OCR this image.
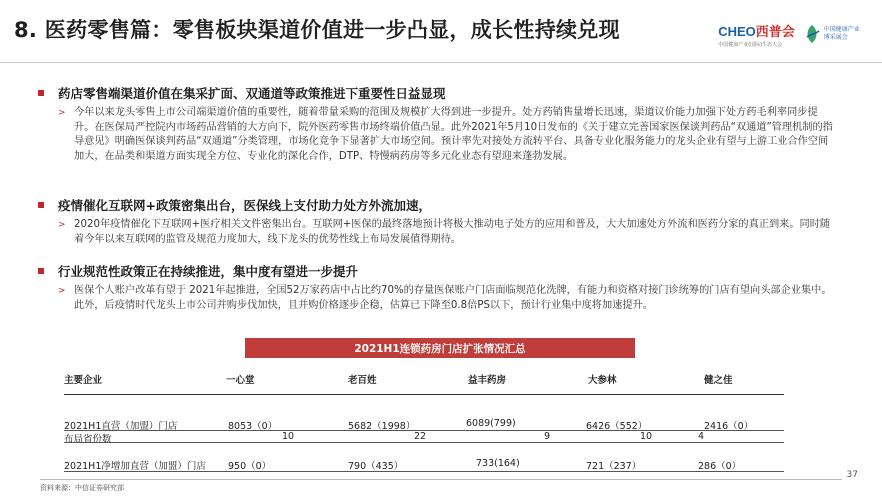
8. 医药零售篇：零售板块渠道价值进一步凸显，成长性持续兑现	CHEO西普会
中国健康产业(国际)生态大会
中国健康产业
博采展会
药店零售端渠道价值在集采扩面、双通道等政策推进下重要性日益显现
> 今年以来龙头零售上市公司端渠道价值的重要性，随着带量采购的范围及规模扩大得到进一步提升。处方药销售量增长迅速，渠道议价能力加强下处方药毛利率同步提升。在医保局严控院内市场药品营销的大方向下，院外医药零售市场终端价值凸显。此外2021年5月10日发布的《关于建立完善国家医保谈判药品“双通道”管理机制的指导意见》明确医保谈判药品“双通道”分类管理，市场化竞争下显著扩大市场空间。预计率先对接处方流转平台、具备专业化服务能力的龙头企业有望与上游工业合作空间加大，在品类和渠道方面实现全方位、专业化的深化合作，DTP、特慢病药房等多元化业态有望迎来蓬勃发展。
疫情催化互联网+政策密集出台，医保线上支付助力处方外流加速，
> 2020年疫情催化下互联网+医疗相关文件密集出台。互联网+医保的最终落地预计将极大推动电子处方的应用和普及，大大加速处方外流和医药分家的真正到来。同时随着今年以来互联网的监管及规范力度加大，线下龙头的优势性线上布局发展值得期待。
行业规范性政策正在持续推进，集中度有望进一步提升
> 医保个人账户改革有望于 2021年起推进，全国52万家药店中占比约70%的存量医保账户门店面临规范化洗牌，有能力和资格对接门诊统筹的门店有望向头部企业集中。此外，后疫情时代龙头上市公司并购步伐加快，且并购价格逐步企稳，估算已下降至0.8倍PS以下，预计行业集中度将加速提升。
2021H1连锁药房门店扩张情况汇总
主要企业	一心堂	老百姓	益丰药房	大参林	健之佳
2021H1直营（加盟）门店	8053（0）	5682（1998）	6089(799)	6426（552）	2416（0）
布局省份数	10	22	9	10	4
2021H1净增加直营（加盟）门店 950（0）	790（435）	733(164)	721（237）	286（0）
资料来源：中信证券研究部
37
